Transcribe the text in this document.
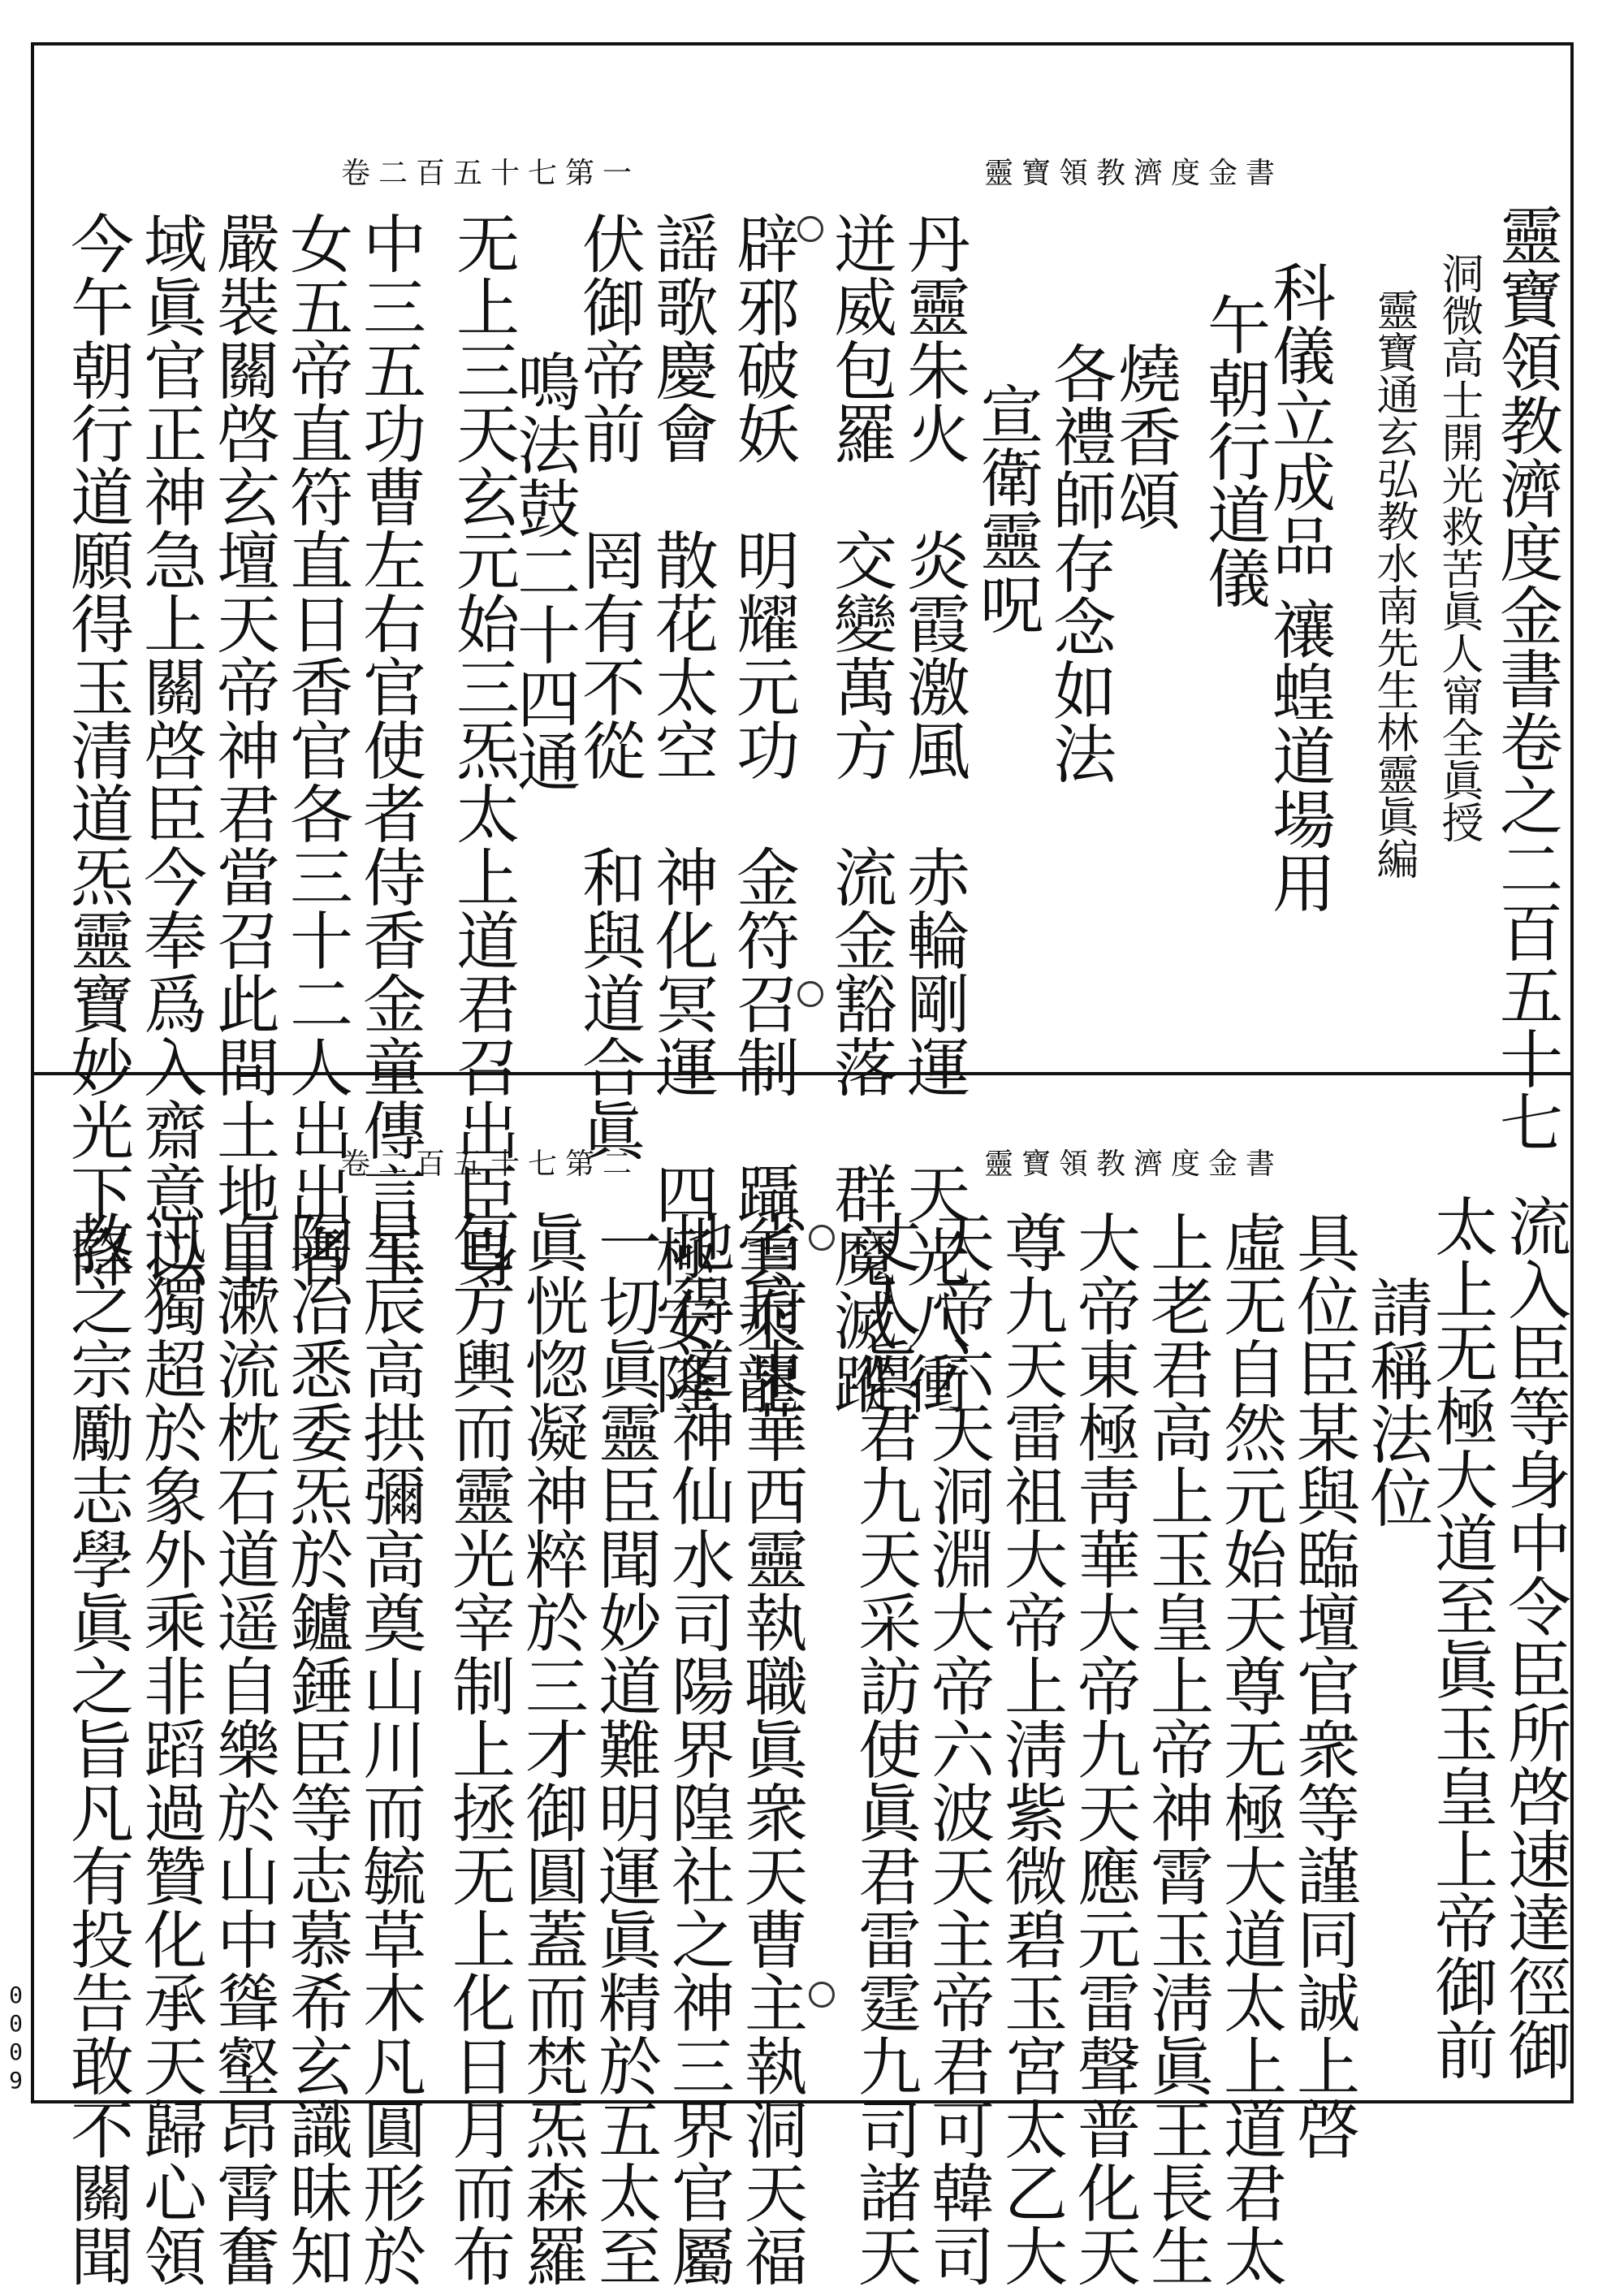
卷二百五十七第一	靈寶領教濟度金書
靈寶領教濟度金書卷之二百五十七
洞微高士開光救苦眞人甯全眞授
靈寶通玄弘教水南先生林靈眞編
科儀立成品 禳蝗道場用
午朝行道儀
燒香頌
各禮師存念如法
宣衛靈呪
丹靈朱火　炎霞激風　赤輪剛運　天光八衝
迸威包羅　交變萬方　流金豁落　群魔滅蹤
辟邪破妖　明耀元功　金符召制　躡雲乘龍
謡歌慶會　散花太空　神化冥運　四極安隆
伏御帝前　罔有不從　和與道合眞
鳴法鼓二十四通
无上三天玄元始三炁太上道君召出臣身
中三五功曹左右官使者侍香金童傳言玉
女五帝直符直日香官各三十二人出出者
嚴裝關啓玄壇天帝神君當召此間土地里
域眞官正神急上關啓臣今奉爲入齋意以
今午朝行道願得玉清道炁靈寶妙光下降	卷二百五十七第二	靈寶領教濟度金書
流入臣等身中令臣所啓速達徑御
太上无極大道至眞玉皇上帝御前
請稱法位
具位臣某與臨壇官衆等謹同誠上啓
虛无自然元始天尊无極大道太上道君太
上老君高上玉皇上帝神霄玉淸眞王長生
大帝東極靑華大帝九天應元雷聲普化天
尊九天雷祖大帝上淸紫微碧玉宮太乙大
天帝六天洞淵大帝六波天主帝君可韓司
丈人眞君九天采訪使眞君雷霆九司諸天
省府東華西靈執職眞衆天曹主執洞天福
地得道神仙水司陽界隍社之神三界官屬
一切眞靈臣聞妙道難明運眞精於五太至
眞恍惚凝神粹於三才御圓蓋而梵炁森羅
包方輿而靈光宰制上拯无上化日月而布
星辰高拱彌高奠山川而毓草木凡圓形於
陶冶悉委炁於鑪錘臣等志慕希玄識昧知
白漱流枕石道遥自樂於山中聳壑昂霄奮
迅獨超於象外乘非蹈過贊化承天歸心領
教之宗勵志學眞之旨凡有投告敢不關聞
0009
